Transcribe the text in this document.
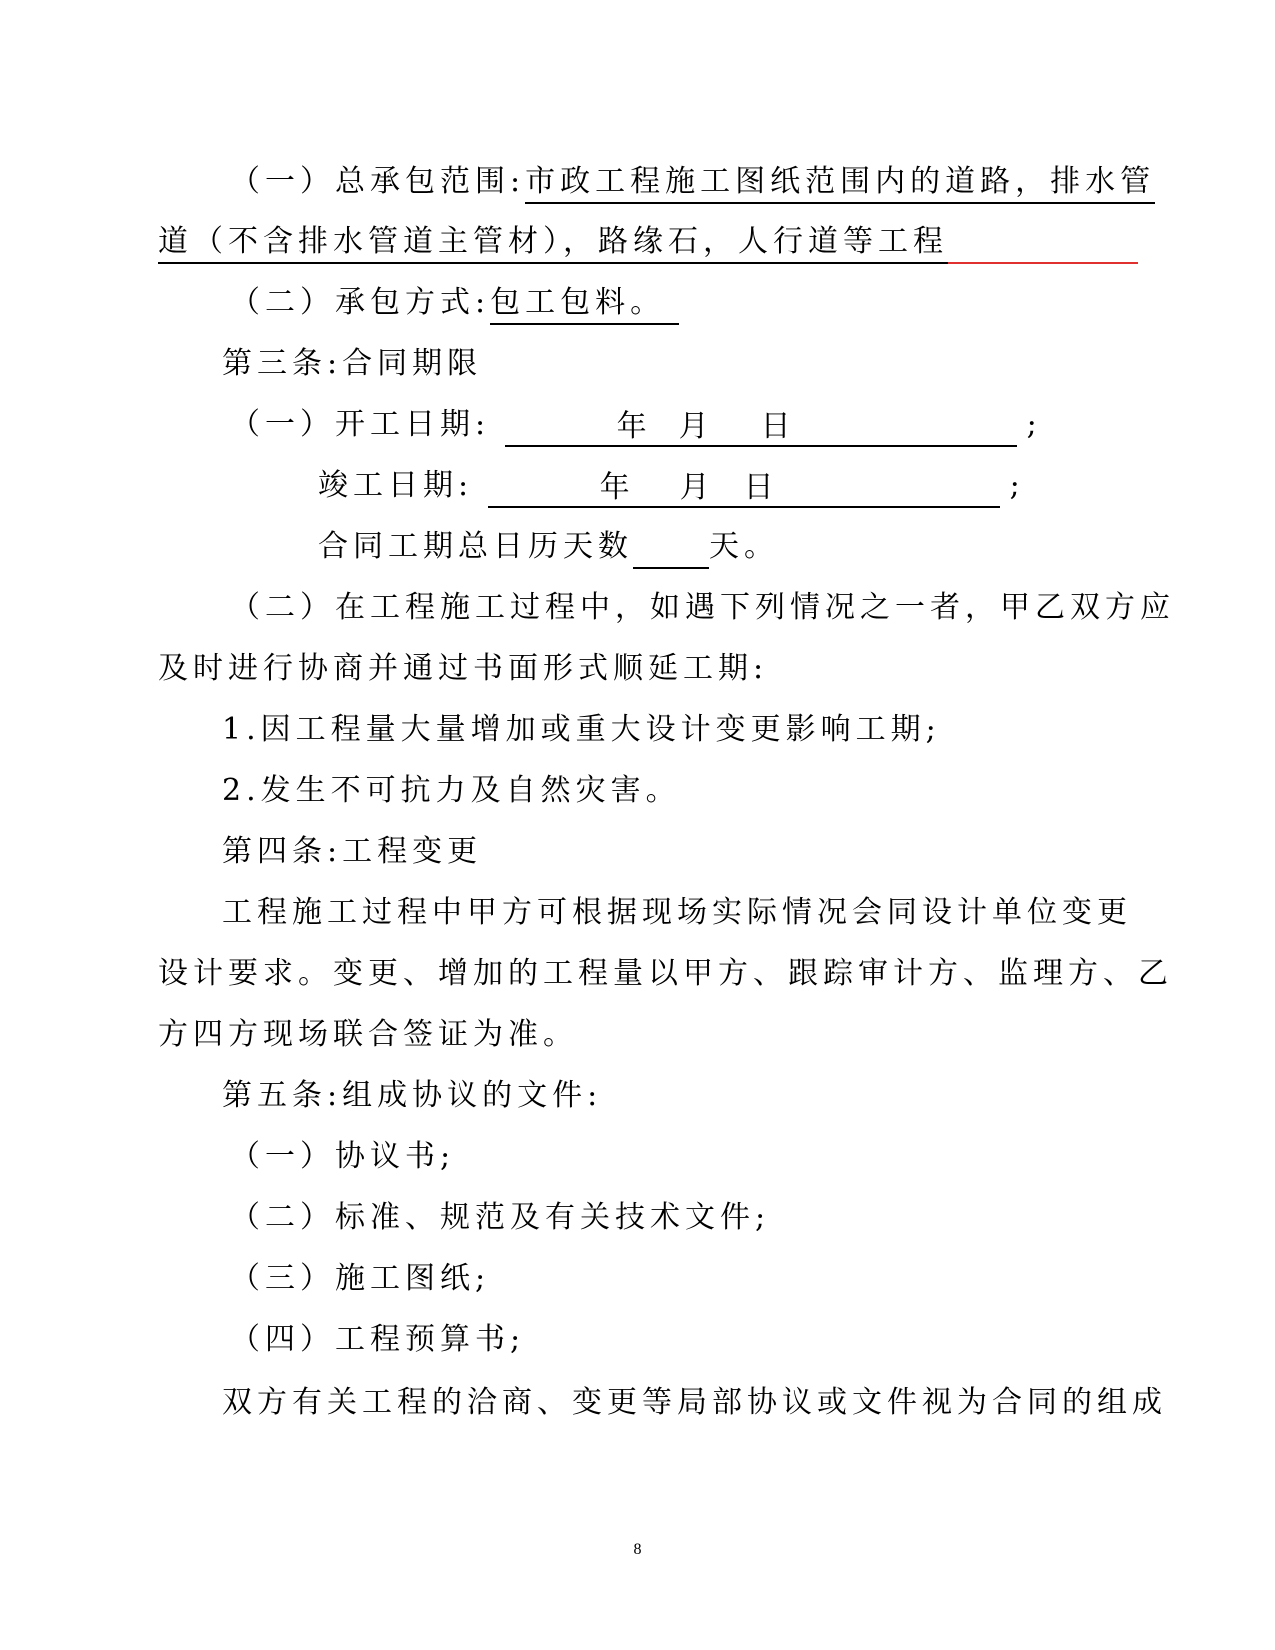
（一）总承包范围:市政工程施工图纸范围内的道路，排水管
道（不含排水管道主管材），路缘石，人行道等工程
（二）承包方式:包工包料。
第三条:合同期限
（一）开工日期:	年 月 日	;
竣工日期:	年 月 日	;
合同工期总日历天数	天。
（二）在工程施工过程中，如遇下列情况之一者，甲乙双方应
及时进行协商并通过书面形式顺延工期:
1.因工程量大量增加或重大设计变更影响工期;
2.发生不可抗力及自然灾害。
第四条:工程变更
工程施工过程中甲方可根据现场实际情况会同设计单位变更
设计要求。变更、增加的工程量以甲方、跟踪审计方、监理方、乙
方四方现场联合签证为准。
第五条:组成协议的文件:
（一）协议书;
（二）标准、规范及有关技术文件;
（三）施工图纸;
（四）工程预算书;
双方有关工程的洽商、变更等局部协议或文件视为合同的组成
8
